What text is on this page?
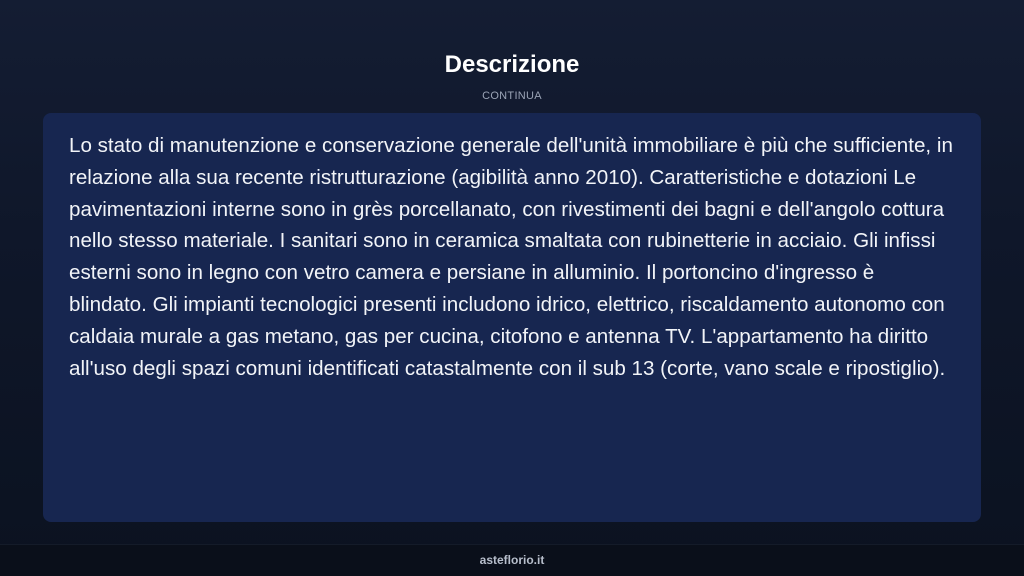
Descrizione
CONTINUA

Lo stato di manutenzione e conservazione generale dell'unità immobiliare è più che sufficiente, in relazione alla sua recente ristrutturazione (agibilità anno 2010). Caratteristiche e dotazioni Le pavimentazioni interne sono in grès porcellanato, con rivestimenti dei bagni e dell'angolo cottura nello stesso materiale. I sanitari sono in ceramica smaltata con rubinetterie in acciaio. Gli infissi esterni sono in legno con vetro camera e persiane in alluminio. Il portoncino d'ingresso è blindato. Gli impianti tecnologici presenti includono idrico, elettrico, riscaldamento autonomo con caldaia murale a gas metano, gas per cucina, citofono e antenna TV. L'appartamento ha diritto all'uso degli spazi comuni identificati catastalmente con il sub 13 (corte, vano scale e ripostiglio).

asteflorio.it
